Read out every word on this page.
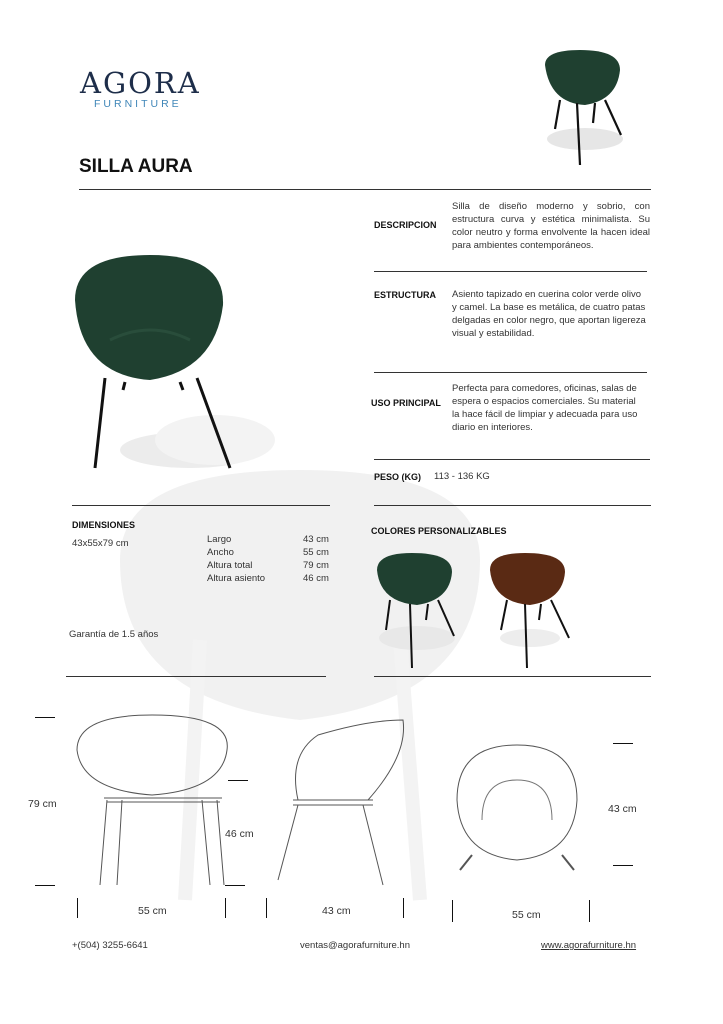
AGORA
FURNITURE
SILLA AURA
DESCRIPCION
Silla de diseño moderno y sobrio, con estructura curva y estética minimalista. Su color neutro y forma envolvente la hacen ideal para ambientes contemporáneos.
ESTRUCTURA Asiento tapizado en cuerina color verde olivo y camel. La base es metálica, de cuatro patas delgadas en color negro, que aportan ligereza visual y estabilidad.
USO PRINCIPAL
Perfecta para comedores, oficinas, salas de espera o espacios comerciales. Su material la hace fácil de limpiar y adecuada para uso diario en interiores.
PESO (KG) 113 - 136 KG
DIMENSIONES
43x55x79 cm	Largo	43 cm
Ancho	55 cm
Altura total	79 cm
Altura asiento	46 cm
Garantía de 1.5 años
COLORES PERSONALIZABLES
79 cm
46 cm
55 cm	43 cm	55 cm
43 cm
+(504) 3255-6641	ventas@agorafurniture.hn	www.agorafurniture.hn
